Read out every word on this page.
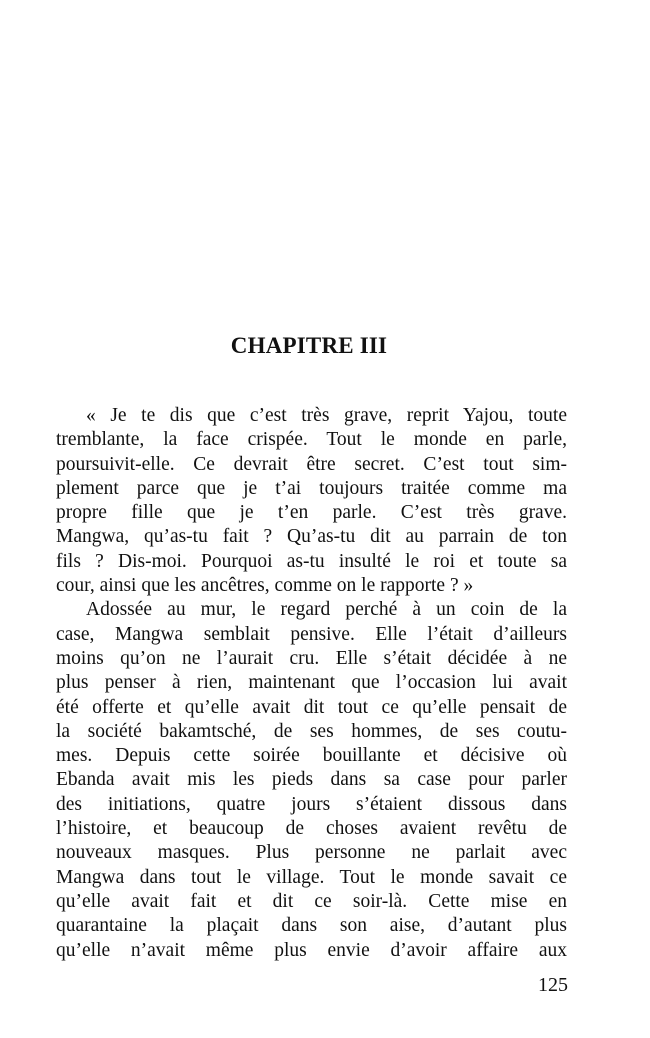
CHAPITRE III
« Je te dis que c’est très grave, reprit Yajou, toute
tremblante, la face crispée. Tout le monde en parle,
poursuivit-elle. Ce devrait être secret. C’est tout sim-
plement parce que je t’ai toujours traitée comme ma
propre fille que je t’en parle. C’est très grave.
Mangwa, qu’as-tu fait ? Qu’as-tu dit au parrain de ton
fils ? Dis-moi. Pourquoi as-tu insulté le roi et toute sa
cour, ainsi que les ancêtres, comme on le rapporte ? »
Adossée au mur, le regard perché à un coin de la
case, Mangwa semblait pensive. Elle l’était d’ailleurs
moins qu’on ne l’aurait cru. Elle s’était décidée à ne
plus penser à rien, maintenant que l’occasion lui avait
été offerte et qu’elle avait dit tout ce qu’elle pensait de
la société bakamtsché, de ses hommes, de ses coutu-
mes. Depuis cette soirée bouillante et décisive où
Ebanda avait mis les pieds dans sa case pour parler
des initiations, quatre jours s’étaient dissous dans
l’histoire, et beaucoup de choses avaient revêtu de
nouveaux masques. Plus personne ne parlait avec
Mangwa dans tout le village. Tout le monde savait ce
qu’elle avait fait et dit ce soir-là. Cette mise en
quarantaine la plaçait dans son aise, d’autant plus
qu’elle n’avait même plus envie d’avoir affaire aux
125
